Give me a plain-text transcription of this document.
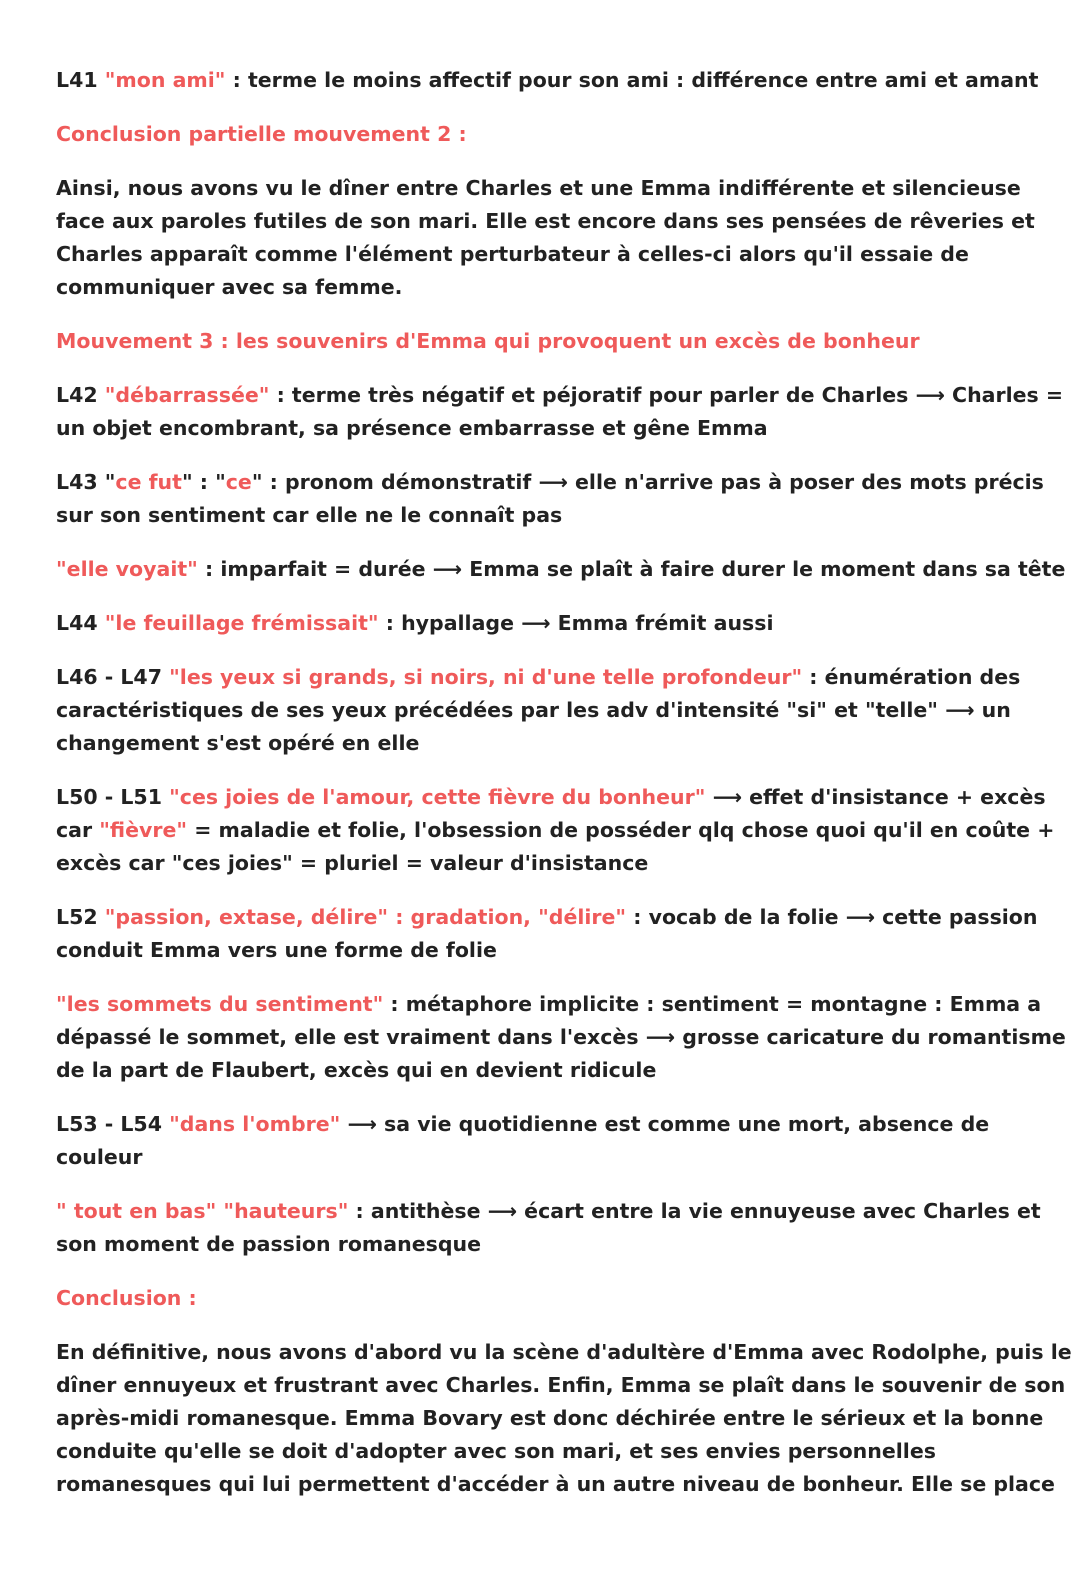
L41 "mon ami" : terme le moins affectif pour son ami : différence entre ami et amant
Conclusion partielle mouvement 2 :
Ainsi, nous avons vu le dîner entre Charles et une Emma indifférente et silencieuse
face aux paroles futiles de son mari. Elle est encore dans ses pensées de rêveries et
Charles apparaît comme l'élément perturbateur à celles-ci alors qu'il essaie de
communiquer avec sa femme.
Mouvement 3 : les souvenirs d'Emma qui provoquent un excès de bonheur
L42 "débarrassée" : terme très négatif et péjoratif pour parler de Charles ⟶ Charles =
un objet encombrant, sa présence embarrasse et gêne Emma
L43 "ce fut" : "ce" : pronom démonstratif ⟶ elle n'arrive pas à poser des mots précis
sur son sentiment car elle ne le connaît pas
"elle voyait" : imparfait = durée ⟶ Emma se plaît à faire durer le moment dans sa tête
L44 "le feuillage frémissait" : hypallage ⟶ Emma frémit aussi
L46 - L47 "les yeux si grands, si noirs, ni d'une telle profondeur" : énumération des
caractéristiques de ses yeux précédées par les adv d'intensité "si" et "telle" ⟶ un
changement s'est opéré en elle
L50 - L51 "ces joies de l'amour, cette fièvre du bonheur" ⟶ effet d'insistance + excès
car "fièvre" = maladie et folie, l'obsession de posséder qlq chose quoi qu'il en coûte +
excès car "ces joies" = pluriel = valeur d'insistance
L52 "passion, extase, délire" : gradation, "délire" : vocab de la folie ⟶ cette passion
conduit Emma vers une forme de folie
"les sommets du sentiment" : métaphore implicite : sentiment = montagne : Emma a
dépassé le sommet, elle est vraiment dans l'excès ⟶ grosse caricature du romantisme
de la part de Flaubert, excès qui en devient ridicule
L53 - L54 "dans l'ombre" ⟶ sa vie quotidienne est comme une mort, absence de
couleur
" tout en bas" "hauteurs" : antithèse ⟶ écart entre la vie ennuyeuse avec Charles et
son moment de passion romanesque
Conclusion :
En définitive, nous avons d'abord vu la scène d'adultère d'Emma avec Rodolphe, puis le
dîner ennuyeux et frustrant avec Charles. Enfin, Emma se plaît dans le souvenir de son
après-midi romanesque. Emma Bovary est donc déchirée entre le sérieux et la bonne
conduite qu'elle se doit d'adopter avec son mari, et ses envies personnelles
romanesques qui lui permettent d'accéder à un autre niveau de bonheur. Elle se place
